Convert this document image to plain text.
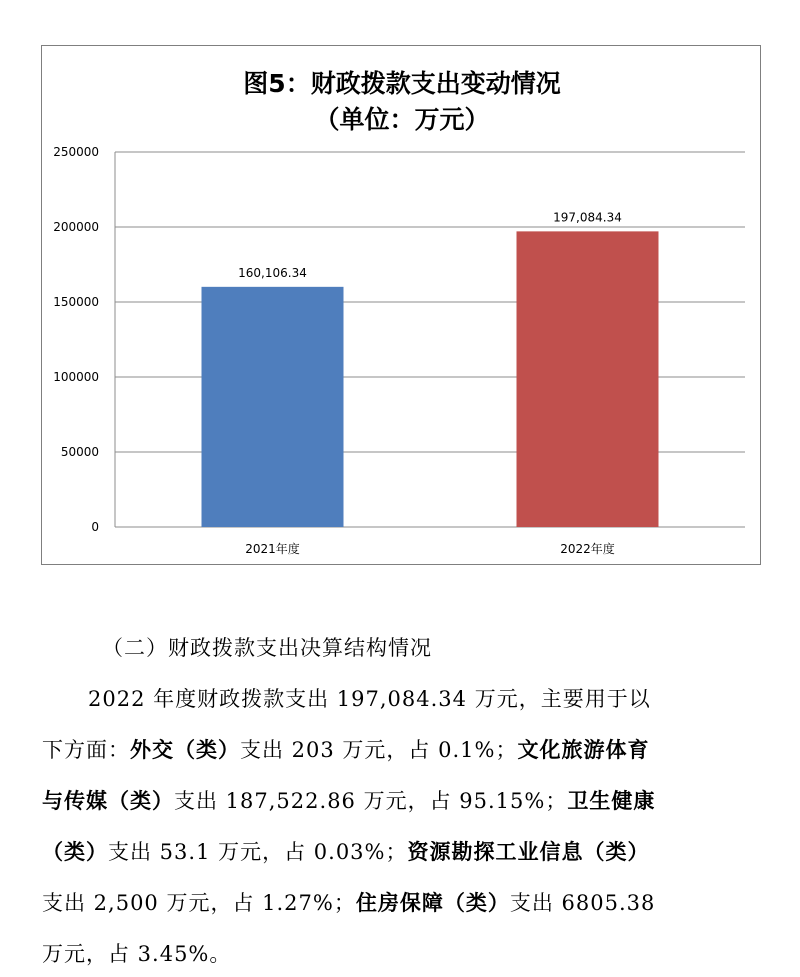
图5：财政拨款支出变动情况
（单位：万元）
0
50000
100000
150000
200000
250000
160,106.34
2021年度
197,084.34
2022年度
（二）财政拨款支出决算结构情况
2022 年度财政拨款支出 197,084.34 万元，主要用于以
下方面：外交（类）支出 203 万元，占 0.1%；文化旅游体育
与传媒（类）支出 187,522.86 万元，占 95.15%；卫生健康
（类）支出 53.1 万元，占 0.03%；资源勘探工业信息（类）
支出 2,500 万元，占 1.27%；住房保障（类）支出 6805.38
万元，占 3.45%。
